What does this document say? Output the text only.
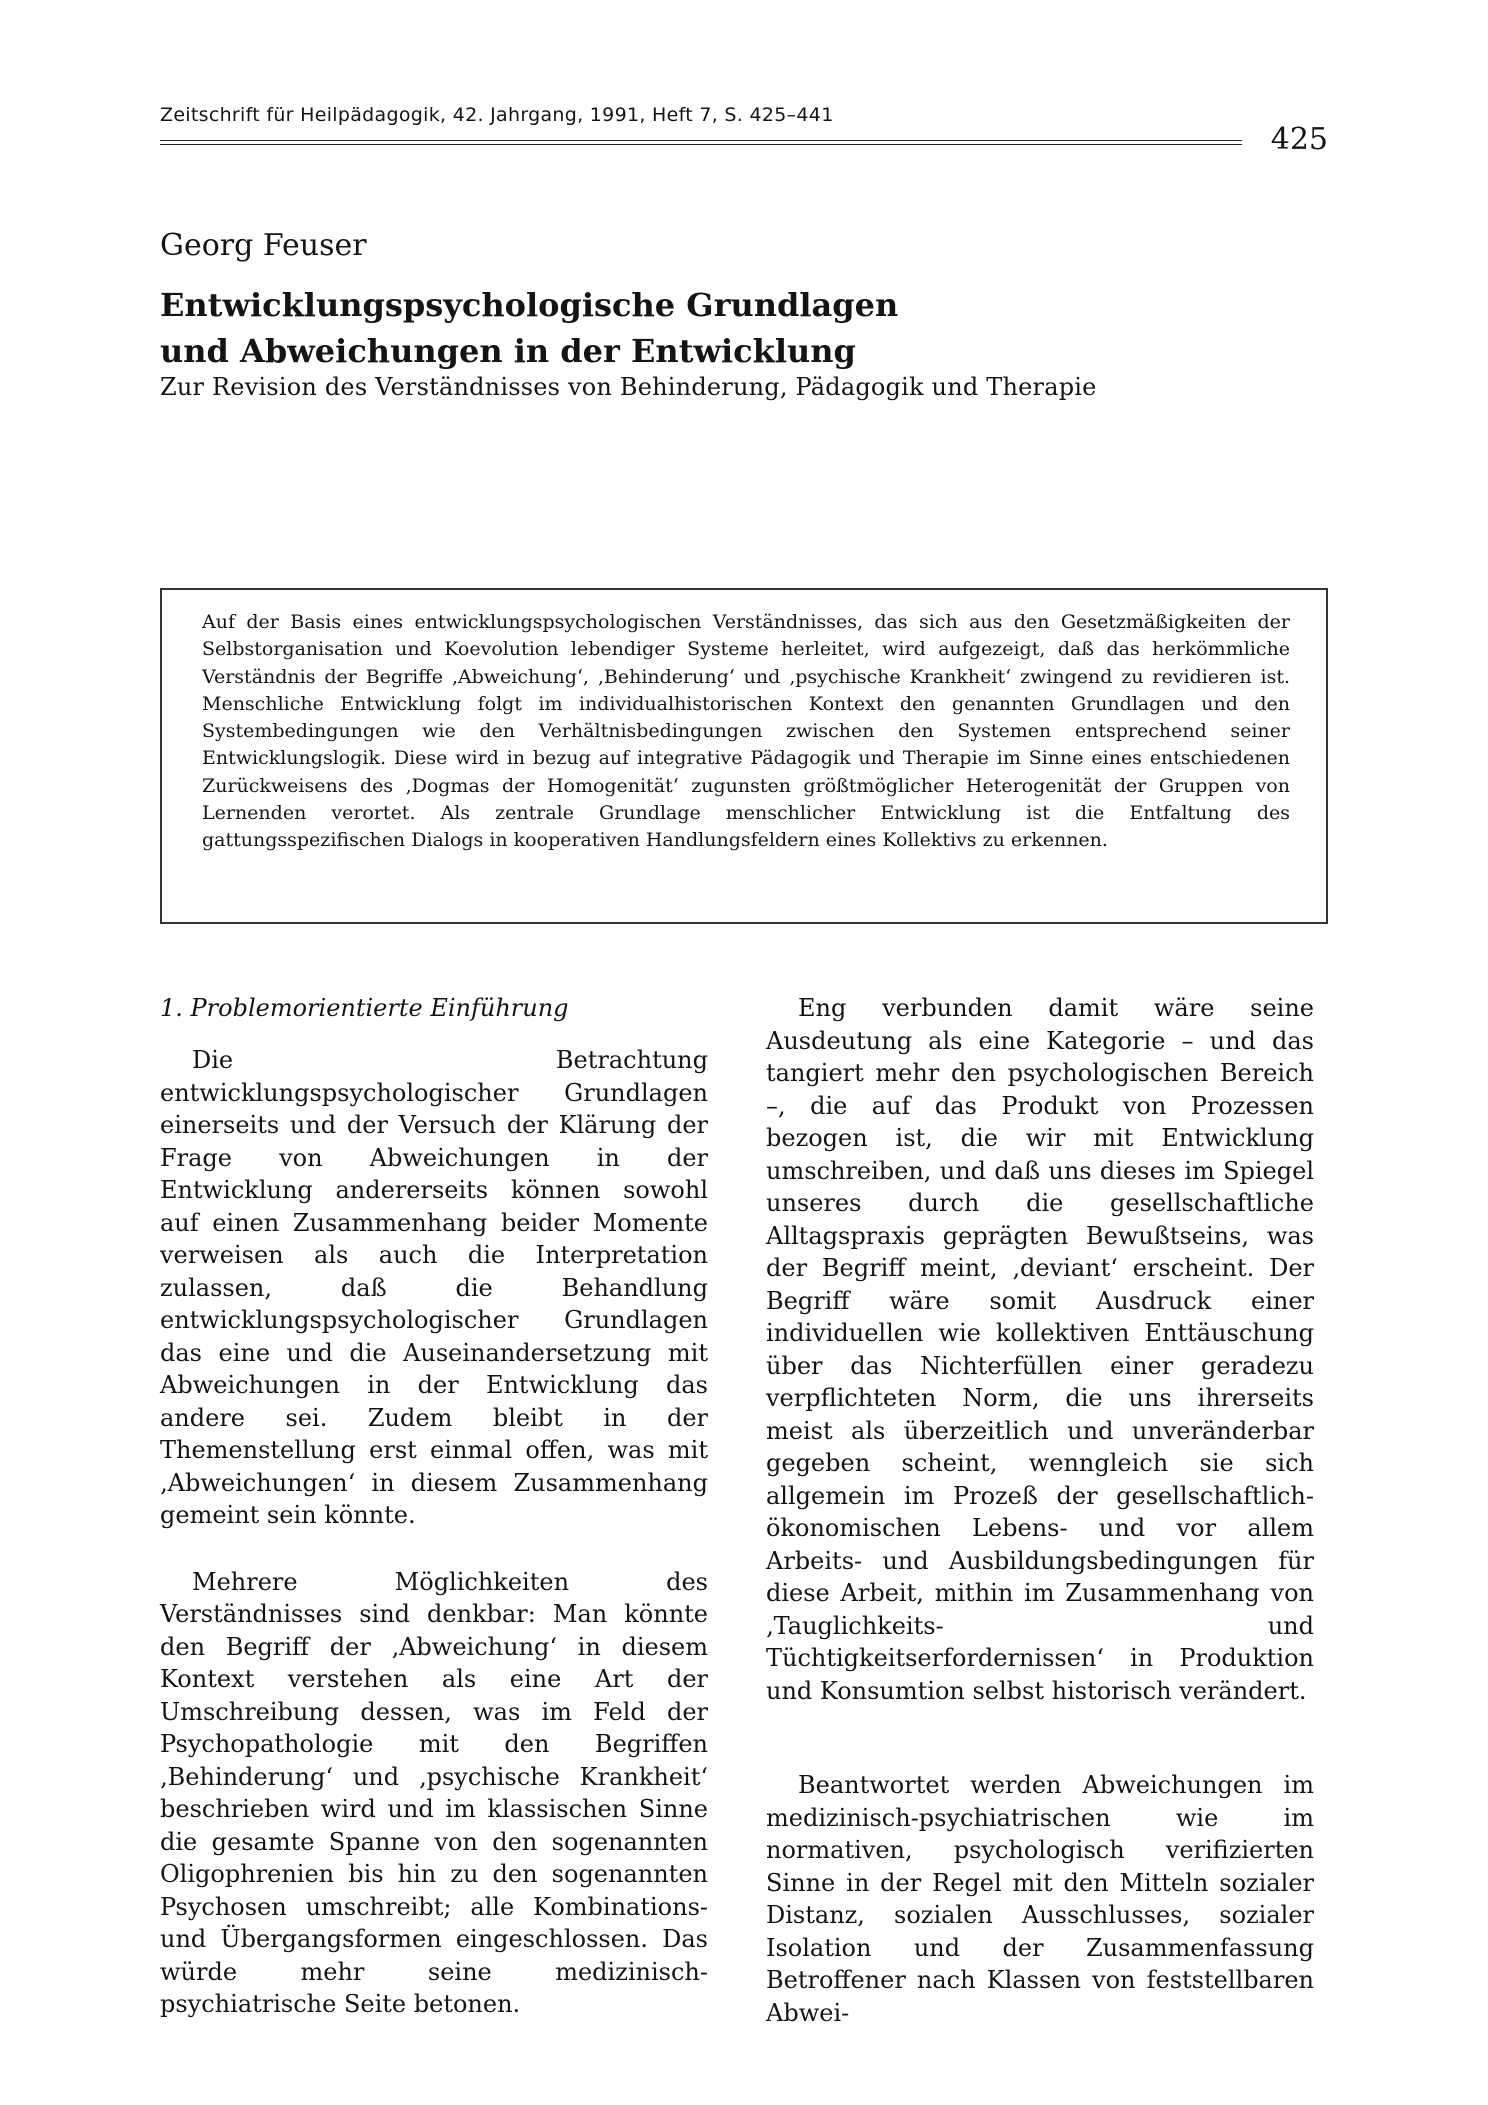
Zeitschrift für Heilpädagogik, 42. Jahrgang, 1991, Heft 7, S. 425–441
425
Georg Feuser
Entwicklungspsychologische Grundlagen
und Abweichungen in der Entwicklung
Zur Revision des Verständnisses von Behinderung, Pädagogik und Therapie

Auf der Basis eines entwicklungspsychologischen Verständnisses, das sich aus den Gesetzmäßigkeiten der Selbstorganisation und Koevolution lebendiger Systeme herleitet, wird aufgezeigt, daß das herkömmliche Verständnis der Begriffe ‚Abweichung‘, ‚Behinderung‘ und ‚psychische Krankheit‘ zwingend zu revidieren ist. Menschliche Entwicklung folgt im individualhistorischen Kontext den genannten Grundlagen und den Systembedingungen wie den Verhältnisbedingungen zwischen den Systemen entsprechend seiner Entwicklungslogik. Diese wird in bezug auf integrative Pädagogik und Therapie im Sinne eines entschiedenen Zurückweisens des ‚Dogmas der Homogenität‘ zugunsten größtmöglicher Heterogenität der Gruppen von Lernenden verortet. Als zentrale Grundlage menschlicher Entwicklung ist die Entfaltung des gattungsspezifischen Dialogs in kooperativen Handlungsfeldern eines Kollektivs zu erkennen.

1. Problemorientierte Einführung

Die Betrachtung entwicklungspsychologischer Grundlagen einerseits und der Versuch der Klärung der Frage von Abweichungen in der Entwicklung andererseits können sowohl auf einen Zusammenhang beider Momente verweisen als auch die Interpretation zulassen, daß die Behandlung entwicklungspsychologischer Grundlagen das eine und die Auseinandersetzung mit Abweichungen in der Entwicklung das andere sei. Zudem bleibt in der Themenstellung erst einmal offen, was mit ‚Abweichungen‘ in diesem Zusammenhang gemeint sein könnte.

Mehrere Möglichkeiten des Verständnisses sind denkbar: Man könnte den Begriff der ‚Abweichung‘ in diesem Kontext verstehen als eine Art der Umschreibung dessen, was im Feld der Psychopathologie mit den Begriffen ‚Behinderung‘ und ‚psychische Krankheit‘ beschrieben wird und im klassischen Sinne die gesamte Spanne von den sogenannten Oligophrenien bis hin zu den sogenannten Psychosen umschreibt; alle Kombinations- und Übergangsformen eingeschlossen. Das würde mehr seine medizinisch-psychiatrische Seite betonen.

Eng verbunden damit wäre seine Ausdeutung als eine Kategorie – und das tangiert mehr den psychologischen Bereich –, die auf das Produkt von Prozessen bezogen ist, die wir mit Entwicklung umschreiben, und daß uns dieses im Spiegel unseres durch die gesellschaftliche Alltagspraxis geprägten Bewußtseins, was der Begriff meint, ‚deviant‘ erscheint. Der Begriff wäre somit Ausdruck einer individuellen wie kollektiven Enttäuschung über das Nichterfüllen einer geradezu verpflichteten Norm, die uns ihrerseits meist als überzeitlich und unveränderbar gegeben scheint, wenngleich sie sich allgemein im Prozeß der gesellschaftlich-ökonomischen Lebens- und vor allem Arbeits- und Ausbildungsbedingungen für diese Arbeit, mithin im Zusammenhang von ‚Tauglichkeits- und Tüchtigkeitserfordernissen‘ in Produktion und Konsumtion selbst historisch verändert.

Beantwortet werden Abweichungen im medizinisch-psychiatrischen wie im normativen, psychologisch verifizierten Sinne in der Regel mit den Mitteln sozialer Distanz, sozialen Ausschlusses, sozialer Isolation und der Zusammenfassung Betroffener nach Klassen von feststellbaren Abwei-
